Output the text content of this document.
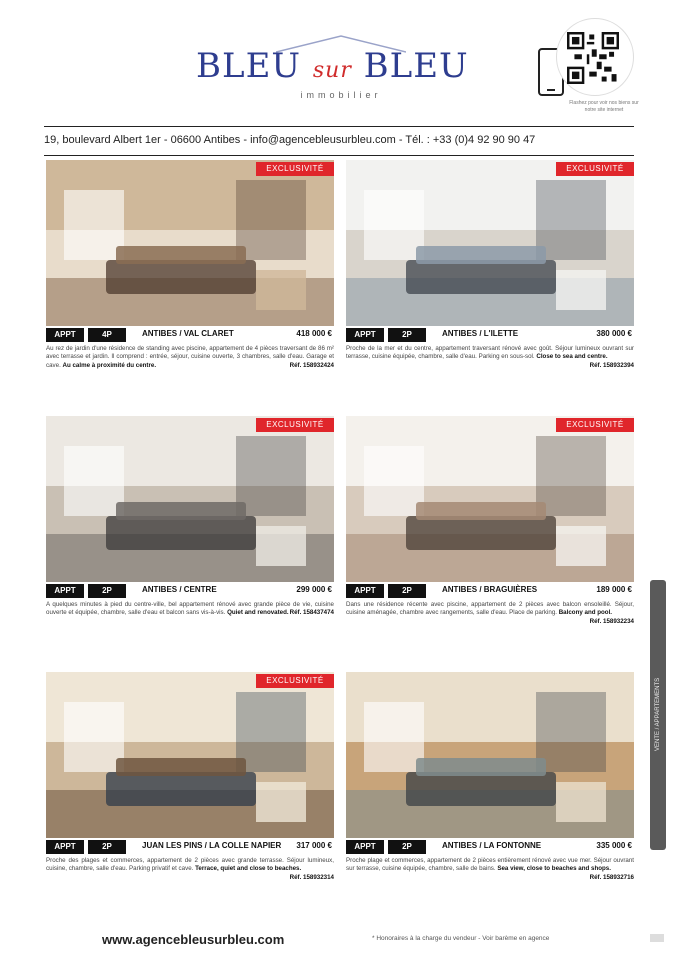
BLEU sur BLEU
immobilier
Flashez pour voir nos biens sur notre site internet
19, boulevard Albert 1er - 06600 Antibes - info@agencebleusurbleu.com - Tél. : +33 (0)4 92 90 90 47
EXCLUSIVITÉ
APPT	4P	ANTIBES / VAL CLARET	418 000 €
Au rez de jardin d'une résidence de standing avec piscine, appartement de 4 pièces traversant de 86 m² avec terrasse et jardin. Il comprend : entrée, séjour, cuisine ouverte, 3 chambres, salle d'eau. Garage et cave. Au calme à proximité du centre.	Réf. 158932424
EXCLUSIVITÉ
APPT	2P	ANTIBES / L'ILETTE	380 000 €
Proche de la mer et du centre, appartement traversant rénové avec goût. Séjour lumineux ouvrant sur terrasse, cuisine équipée, chambre, salle d'eau. Parking en sous-sol. Close to sea and centre.
Réf. 158932394
EXCLUSIVITÉ
APPT	2P	ANTIBES / CENTRE	299 000 €
A quelques minutes à pied du centre-ville, bel appartement rénové avec grande pièce de vie, cuisine ouverte et équipée, chambre, salle d'eau et balcon sans vis-à-vis. Quiet and renovated. Réf. 158437474
EXCLUSIVITÉ
APPT	2P	ANTIBES / BRAGUIÈRES	189 000 €
Dans une résidence récente avec piscine, appartement de 2 pièces avec balcon ensoleillé. Séjour, cuisine aménagée, chambre avec rangements, salle d'eau. Place de parking. Balcony and pool.
Réf. 158932234
EXCLUSIVITÉ
APPT	2P	JUAN LES PINS / LA COLLE NAPIER 317 000 €
Proche des plages et commerces, appartement de 2 pièces avec grande terrasse. Séjour lumineux, cuisine, chambre, salle d'eau. Parking privatif et cave. Terrace, quiet and close to beaches.
Réf. 158932314
APPT	2P	ANTIBES / LA FONTONNE	335 000 €
Proche plage et commerces, appartement de 2 pièces entièrement rénové avec vue mer. Séjour ouvrant sur terrasse, cuisine équipée, chambre, salle de bains. Sea view, close to beaches and shops.
Réf. 158932716
VENTE / APPARTEMENTS
www.agencebleusurbleu.com	* Honoraires à la charge du vendeur - Voir barème en agence
